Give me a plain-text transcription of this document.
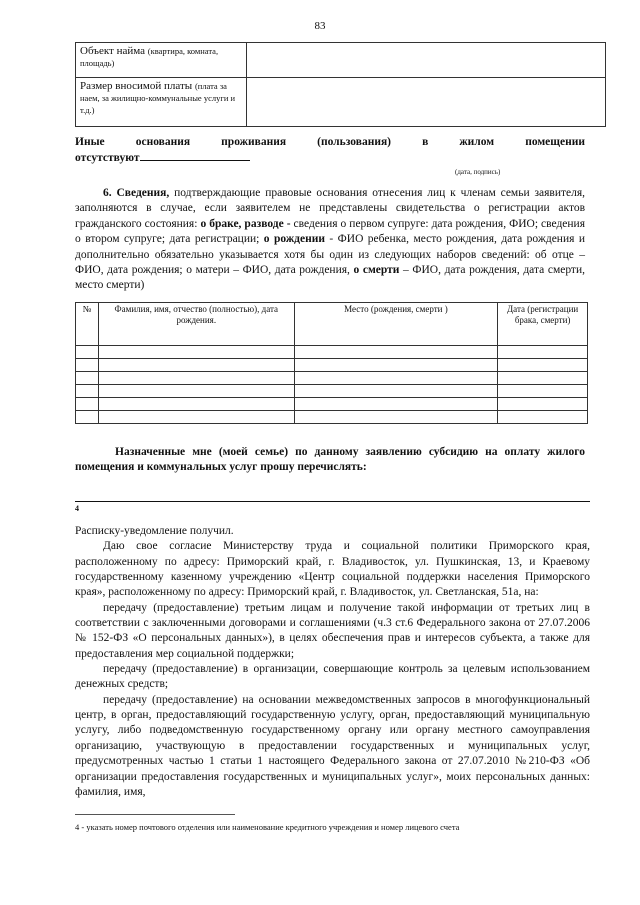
83
Объект найма (квартира, комната, площадь)	
Размер вносимой платы (плата за наем, за жилищно-коммунальные услуги и т.д.)	
Иные	основания	проживания	(пользования)	в	жилом	помещении
отсутствуют
(дата, подпись)
6. Сведения, подтверждающие правовые основания отнесения лиц к членам семьи заявителя, заполняются в случае, если заявителем не представлены свидетельства о регистрации актов гражданского состояния: о браке, разводе - сведения о первом супруге: дата рождения, ФИО; сведения о втором супруге; дата регистрации; о рождении - ФИО ребенка, место рождения, дата рождения и дополнительно обязательно указывается хотя бы один из следующих наборов сведений: об отце – ФИО, дата рождения; о матери – ФИО, дата рождения, о смерти – ФИО, дата рождения, дата смерти, место смерти)
№	Фамилия, имя, отчество (полностью), дата рождения.	Место (рождения, смерти )	Дата (регистрации брака, смерти)

Назначенные мне (моей семье) по данному заявлению субсидию на оплату жилого помещения и коммунальных услуг прошу перечислять:
4

Расписку-уведомление получил.

Даю свое согласие Министерству труда и социальной политики Приморского края, расположенному по адресу: Приморский край, г. Владивосток, ул. Пушкинская, 13, и Краевому государственному казенному учреждению «Центр социальной поддержки населения Приморского края», расположенному по адресу: Приморский край, г. Владивосток, ул. Светланская, 51а, на:

передачу (предоставление) третьим лицам и получение такой информации от третьих лиц в соответствии с заключенными договорами и соглашениями (ч.3 ст.6 Федерального закона от 27.07.2006 № 152-ФЗ «О персональных данных»), в целях обеспечения прав и интересов субъекта, а также для предоставления мер социальной поддержки;

передачу (предоставление) в организации, совершающие контроль за целевым использованием денежных средств;

передачу (предоставление) на основании межведомственных запросов в многофункциональный центр, в орган, предоставляющий государственную услугу, орган, предоставляющий муниципальную услугу, либо подведомственную государственному органу или органу местного самоуправления организацию, участвующую в предоставлении государственных и муниципальных услуг, предусмотренных частью 1 статьи 1 настоящего Федерального закона от 27.07.2010 №210-ФЗ «Об организации предоставления государственных и муниципальных услуг», моих персональных данных: фамилия, имя,

4 - указать номер почтового отделения или наименование кредитного учреждения и номер лицевого счета
